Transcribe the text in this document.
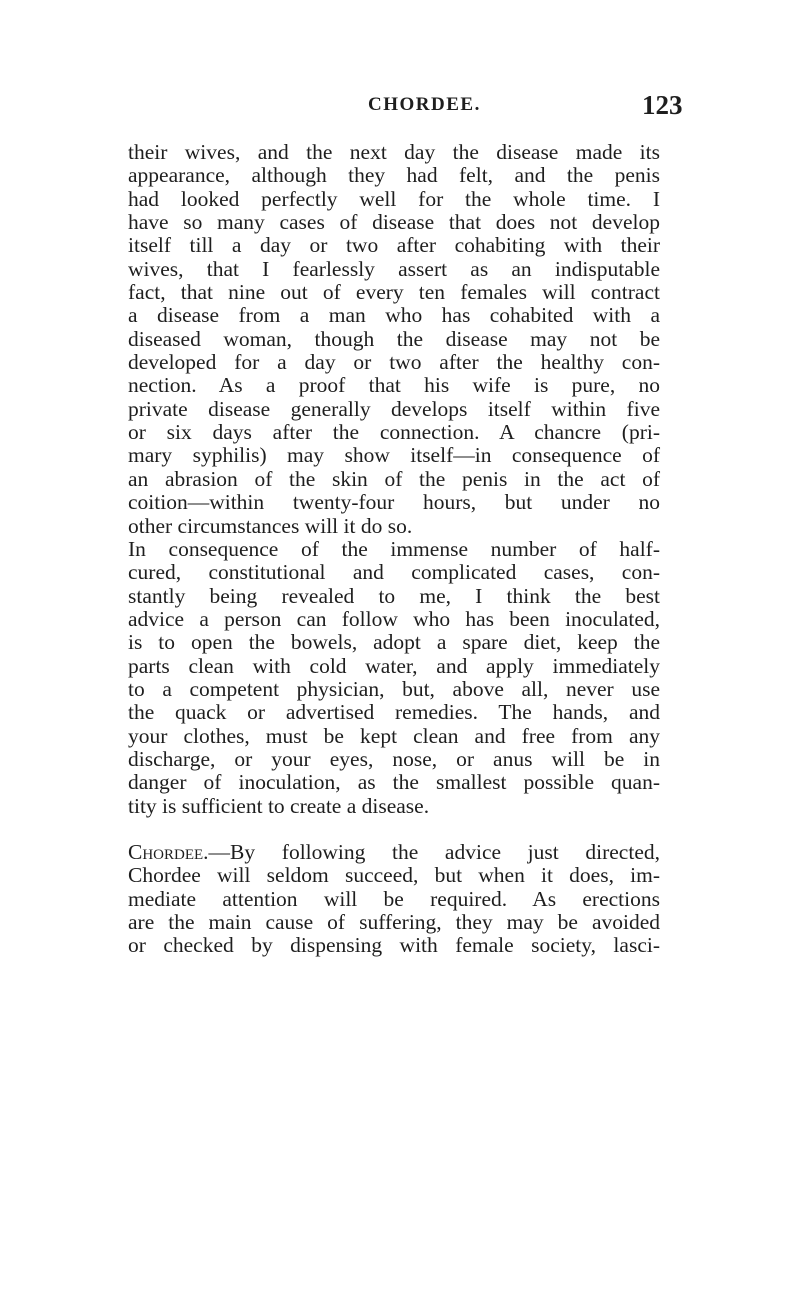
CHORDEE.	123
their wives, and the next day the disease made its
appearance, although they had felt, and the penis
had looked perfectly well for the whole time. I
have so many cases of disease that does not develop
itself till a day or two after cohabiting with their
wives, that I fearlessly assert as an indisputable
fact, that nine out of every ten females will contract
a disease from a man who has cohabited with a
diseased woman, though the disease may not be
developed for a day or two after the healthy con-
nection. As a proof that his wife is pure, no
private disease generally develops itself within five
or six days after the connection. A chancre (pri-
mary syphilis) may show itself—in consequence of
an abrasion of the skin of the penis in the act of
coition—within twenty-four hours, but under no
other circumstances will it do so.
In consequence of the immense number of half-
cured, constitutional and complicated cases, con-
stantly being revealed to me, I think the best
advice a person can follow who has been inoculated,
is to open the bowels, adopt a spare diet, keep the
parts clean with cold water, and apply immediately
to a competent physician, but, above all, never use
the quack or advertised remedies. The hands, and
your clothes, must be kept clean and free from any
discharge, or your eyes, nose, or anus will be in
danger of inoculation, as the smallest possible quan-
tity is sufficient to create a disease.
Chordee.—By following the advice just directed,
Chordee will seldom succeed, but when it does, im-
mediate attention will be required. As erections
are the main cause of suffering, they may be avoided
or checked by dispensing with female society, lasci-
